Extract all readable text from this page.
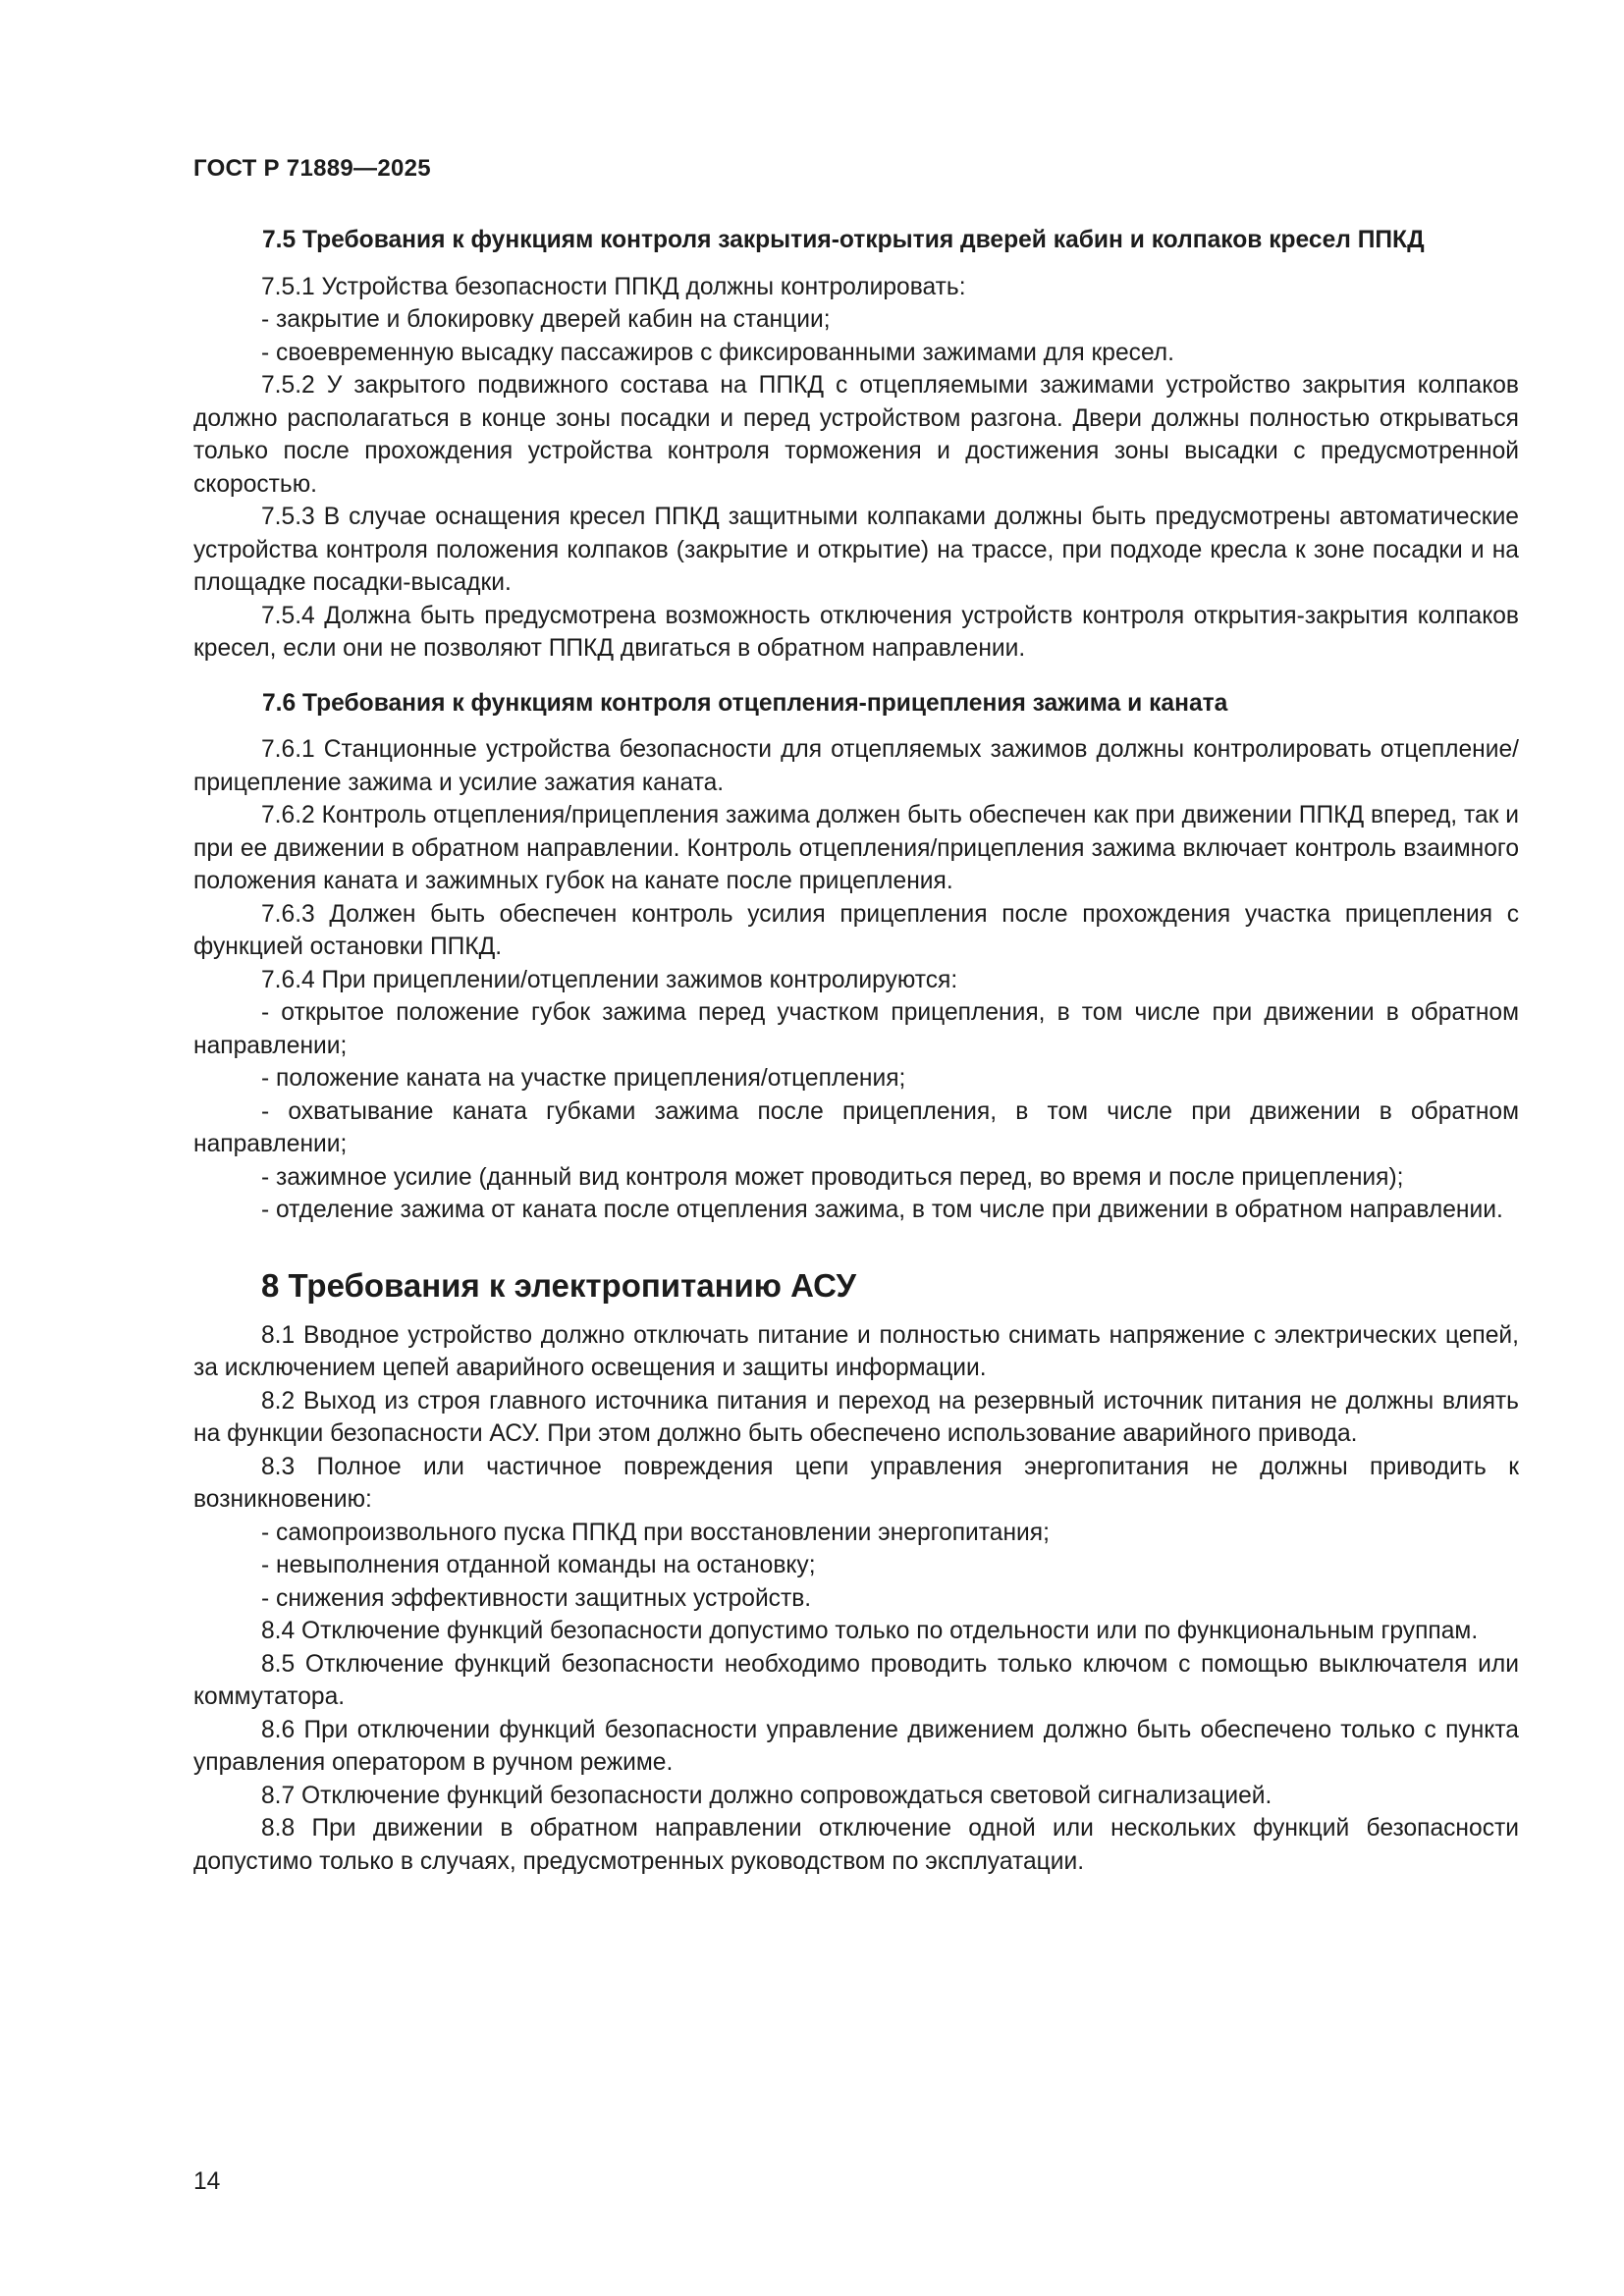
ГОСТ Р 71889—2025
7.5 Требования к функциям контроля закрытия-открытия дверей кабин и колпаков кресел ППКД

7.5.1 Устройства безопасности ППКД должны контролировать:

- закрытие и блокировку дверей кабин на станции;

- своевременную высадку пассажиров с фиксированными зажимами для кресел.

7.5.2 У закрытого подвижного состава на ППКД с отцепляемыми зажимами устройство закрытия колпаков должно располагаться в конце зоны посадки и перед устройством разгона. Двери должны полностью открываться только после прохождения устройства контроля торможения и достижения зоны высадки с предусмотренной скоростью.

7.5.3 В случае оснащения кресел ППКД защитными колпаками должны быть предусмотрены автоматические устройства контроля положения колпаков (закрытие и открытие) на трассе, при подходе кресла к зоне посадки и на площадке посадки-высадки.

7.5.4 Должна быть предусмотрена возможность отключения устройств контроля открытия-закрытия колпаков кресел, если они не позволяют ППКД двигаться в обратном направлении.

7.6 Требования к функциям контроля отцепления-прицепления зажима и каната

7.6.1 Станционные устройства безопасности для отцепляемых зажимов должны контролировать отцепление/прицепление зажима и усилие зажатия каната.

7.6.2 Контроль отцепления/прицепления зажима должен быть обеспечен как при движении ППКД вперед, так и при ее движении в обратном направлении. Контроль отцепления/прицепления зажима включает контроль взаимного положения каната и зажимных губок на канате после прицепления.

7.6.3 Должен быть обеспечен контроль усилия прицепления после прохождения участка прицепления с функцией остановки ППКД.

7.6.4 При прицеплении/отцеплении зажимов контролируются:

- открытое положение губок зажима перед участком прицепления, в том числе при движении в обратном направлении;

- положение каната на участке прицепления/отцепления;

- охватывание каната губками зажима после прицепления, в том числе при движении в обратном направлении;

- зажимное усилие (данный вид контроля может проводиться перед, во время и после прицепления);

- отделение зажима от каната после отцепления зажима, в том числе при движении в обратном направлении.

8 Требования к электропитанию АСУ

8.1 Вводное устройство должно отключать питание и полностью снимать напряжение с электрических цепей, за исключением цепей аварийного освещения и защиты информации.

8.2 Выход из строя главного источника питания и переход на резервный источник питания не должны влиять на функции безопасности АСУ. При этом должно быть обеспечено использование аварийного привода.

8.3 Полное или частичное повреждения цепи управления энергопитания не должны приводить к возникновению:

- самопроизвольного пуска ППКД при восстановлении энергопитания;

- невыполнения отданной команды на остановку;

- снижения эффективности защитных устройств.

8.4 Отключение функций безопасности допустимо только по отдельности или по функциональным группам.

8.5 Отключение функций безопасности необходимо проводить только ключом с помощью выключателя или коммутатора.

8.6 При отключении функций безопасности управление движением должно быть обеспечено только с пункта управления оператором в ручном режиме.

8.7 Отключение функций безопасности должно сопровождаться световой сигнализацией.

8.8 При движении в обратном направлении отключение одной или нескольких функций безопасности допустимо только в случаях, предусмотренных руководством по эксплуатации.

14
